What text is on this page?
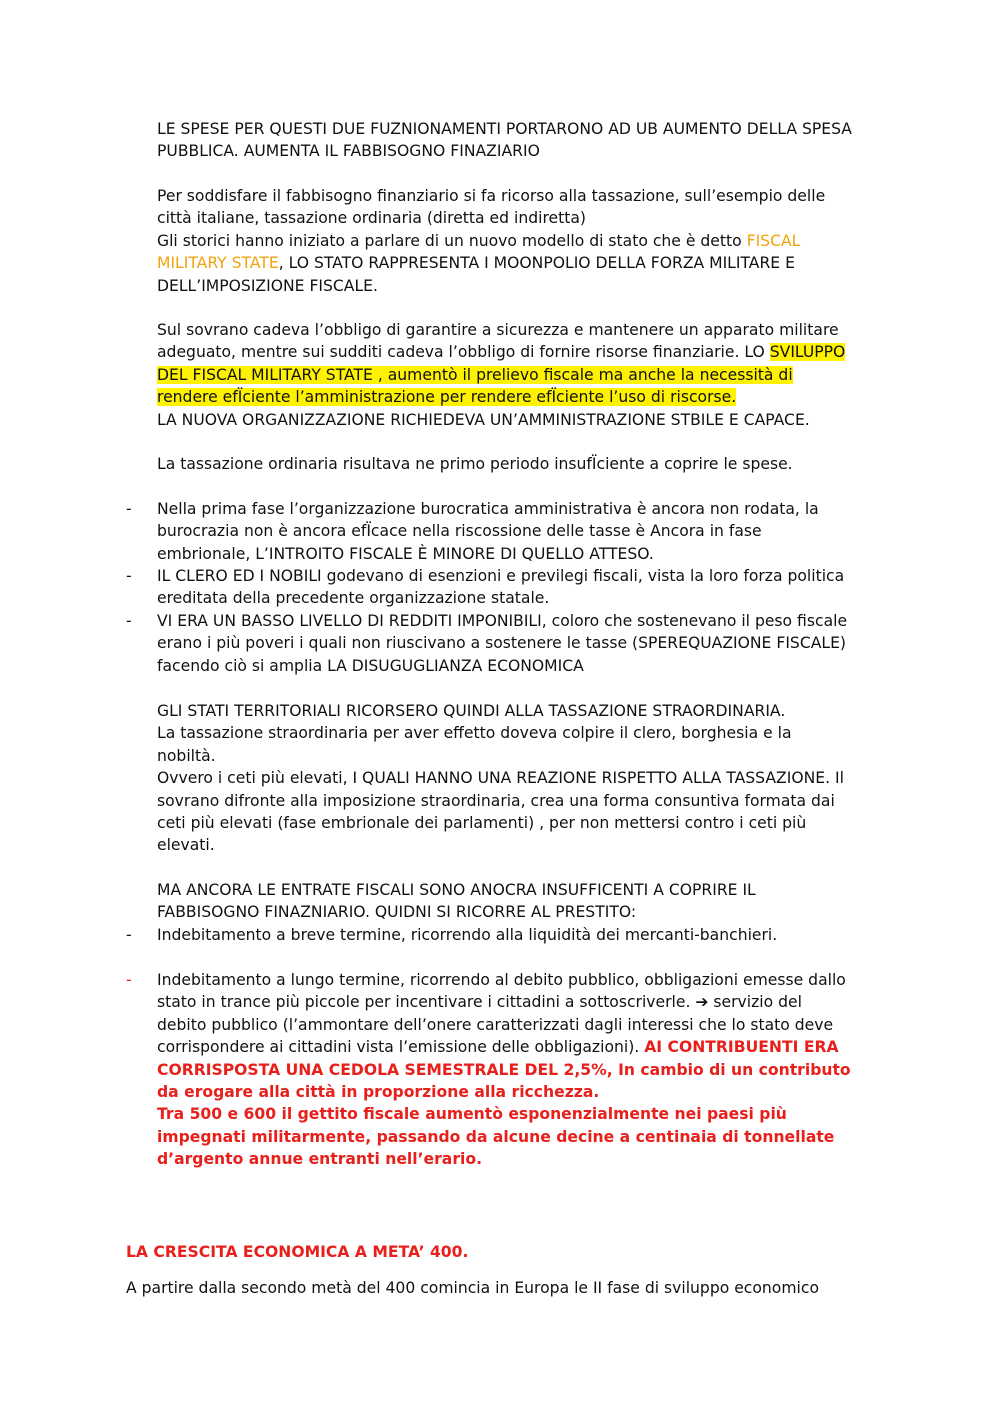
LE SPESE PER QUESTI DUE FUZNIONAMENTI PORTARONO AD UB AUMENTO DELLA SPESA
PUBBLICA. AUMENTA IL FABBISOGNO FINAZIARIO
Per soddisfare il fabbisogno finanziario si fa ricorso alla tassazione, sull’esempio delle
città italiane, tassazione ordinaria (diretta ed indiretta)
Gli storici hanno iniziato a parlare di un nuovo modello di stato che è detto FISCAL
MILITARY STATE, LO STATO RAPPRESENTA I MOONPOLIO DELLA FORZA MILITARE E
DELL’IMPOSIZIONE FISCALE.
Sul sovrano cadeva l’obbligo di garantire a sicurezza e mantenere un apparato militare
adeguato, mentre sui sudditi cadeva l’obbligo di fornire risorse finanziarie. LO SVILUPPO
DEL FISCAL MILITARY STATE , aumentò il prelievo fiscale ma anche la necessità di
rendere efÏciente l’amministrazione per rendere efÏciente l’uso di riscorse.
LA NUOVA ORGANIZZAZIONE RICHIEDEVA UN’AMMINISTRAZIONE STBILE E CAPACE.
La tassazione ordinaria risultava ne primo periodo insufÏciente a coprire le spese.
- Nella prima fase l’organizzazione burocratica amministrativa è ancora non rodata, la
burocrazia non è ancora efÏcace nella riscossione delle tasse è Ancora in fase
embrionale, L’INTROITO FISCALE È MINORE DI QUELLO ATTESO.
- IL CLERO ED I NOBILI godevano di esenzioni e previlegi fiscali, vista la loro forza politica
ereditata della precedente organizzazione statale.
- VI ERA UN BASSO LIVELLO DI REDDITI IMPONIBILI, coloro che sostenevano il peso fiscale
erano i più poveri i quali non riuscivano a sostenere le tasse (SPEREQUAZIONE FISCALE)
facendo ciò si amplia LA DISUGUGLIANZA ECONOMICA
GLI STATI TERRITORIALI RICORSERO QUINDI ALLA TASSAZIONE STRAORDINARIA.
La tassazione straordinaria per aver effetto doveva colpire il clero, borghesia e la
nobiltà.
Ovvero i ceti più elevati, I QUALI HANNO UNA REAZIONE RISPETTO ALLA TASSAZIONE. Il
sovrano difronte alla imposizione straordinaria, crea una forma consuntiva formata dai
ceti più elevati (fase embrionale dei parlamenti) , per non mettersi contro i ceti più
elevati.
MA ANCORA LE ENTRATE FISCALI SONO ANOCRA INSUFFICENTI A COPRIRE IL
FABBISOGNO FINAZNIARIO. QUIDNI SI RICORRE AL PRESTITO:
- Indebitamento a breve termine, ricorrendo alla liquidità dei mercanti-banchieri.
- Indebitamento a lungo termine, ricorrendo al debito pubblico, obbligazioni emesse dallo
stato in trance più piccole per incentivare i cittadini a sottoscriverle. ➔ servizio del
debito pubblico (l’ammontare dell’onere caratterizzati dagli interessi che lo stato deve
corrispondere ai cittadini vista l’emissione delle obbligazioni). AI CONTRIBUENTI ERA
CORRISPOSTA UNA CEDOLA SEMESTRALE DEL 2,5%, In cambio di un contributo
da erogare alla città in proporzione alla ricchezza.
Tra 500 e 600 il gettito fiscale aumentò esponenzialmente nei paesi più
impegnati militarmente, passando da alcune decine a centinaia di tonnellate
d’argento annue entranti nell’erario.
LA CRESCITA ECONOMICA A META’ 400.
A partire dalla secondo metà del 400 comincia in Europa le II fase di sviluppo economico
